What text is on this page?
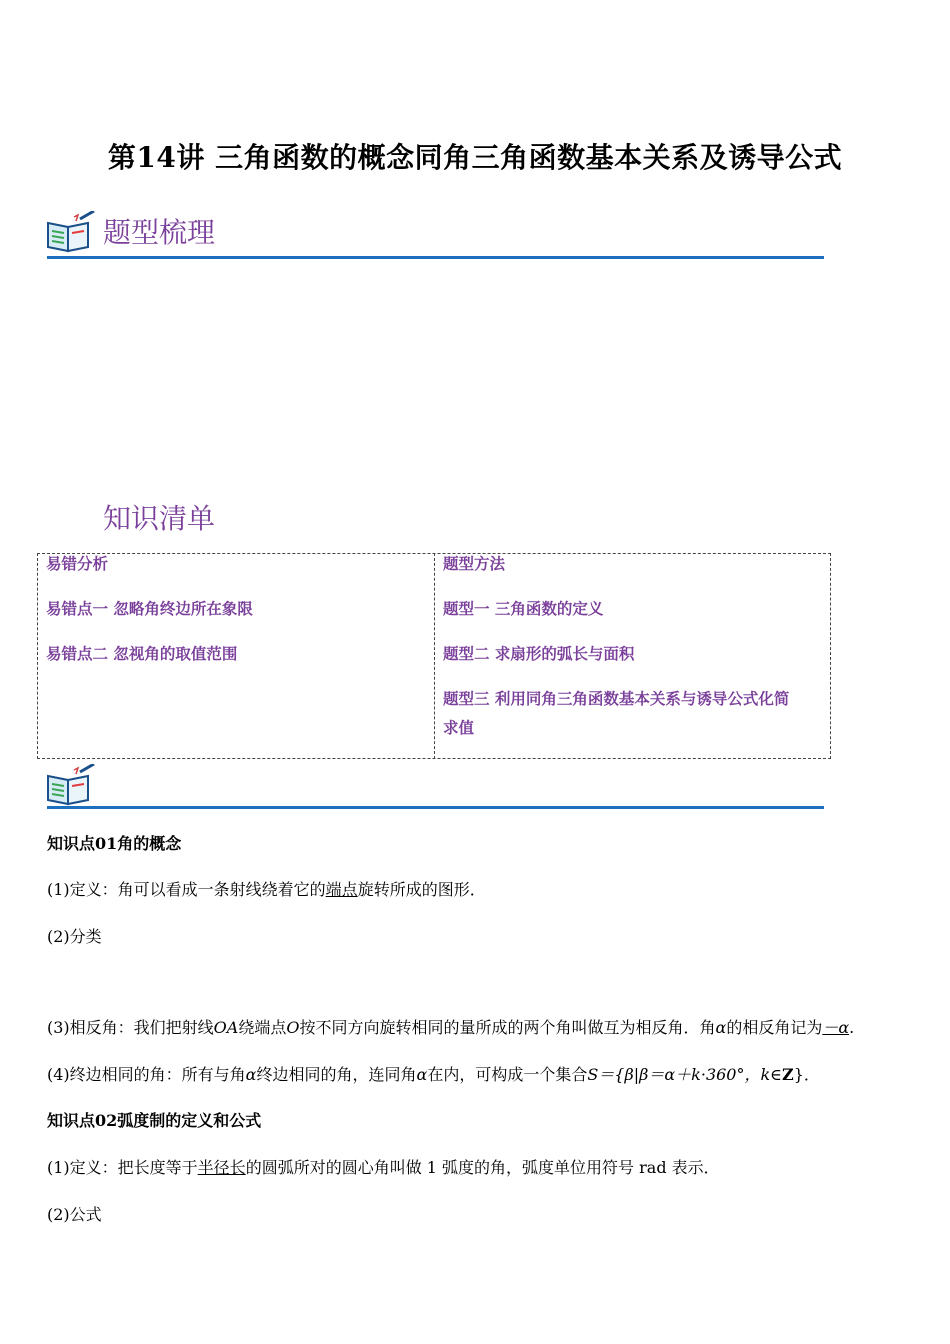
第14讲 三角函数的概念同角三角函数基本关系及诱导公式
题型梳理
知识清单
易错分析
易错点一 忽略角终边所在象限
易错点二 忽视角的取值范围
题型方法
题型一 三角函数的定义
题型二 求扇形的弧长与面积
题型三 利用同角三角函数基本关系与诱导公式化简
求值
知识点01角的概念
(1)定义：角可以看成一条射线绕着它的端点旋转所成的图形．
(2)分类
(3)相反角：我们把射线OA绕端点O按不同方向旋转相同的量所成的两个角叫做互为相反角．角α的相反角记为－α.
(4)终边相同的角：所有与角α终边相同的角，连同角α在内，可构成一个集合S＝{β|β＝α＋k·360°，k∈Z}．
知识点02弧度制的定义和公式
(1)定义：把长度等于半径长的圆弧所对的圆心角叫做 1 弧度的角，弧度单位用符号 rad 表示．
(2)公式
